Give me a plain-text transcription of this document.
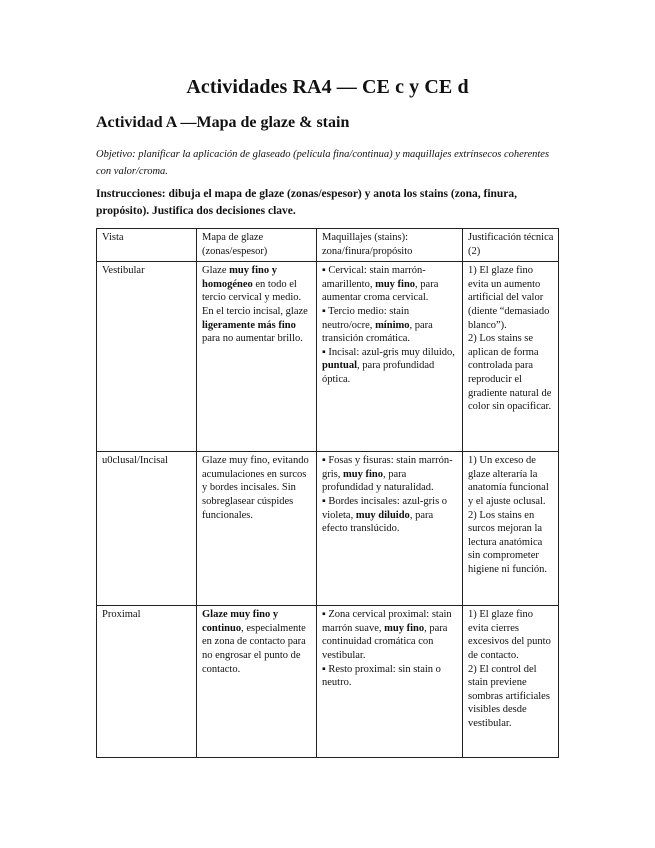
Actividades RA4 — CE c y CE d
Actividad A —Mapa de glaze & stain
Objetivo: planificar la aplicación de glaseado (película fina/continua) y maquillajes extrínsecos coherentes con valor/croma.
Instrucciones: dibuja el mapa de glaze (zonas/espesor) y anota los stains (zona, finura, propósito). Justifica dos decisiones clave.
Vista	Mapa de glaze (zonas/espesor)	Maquillajes (stains): zona/finura/propósito	Justificación técnica (2)
Vestibular	Glaze muy fino y homogéneo en todo el tercio cervical y medio. En el tercio incisal, glaze ligeramente más fino para no aumentar brillo.	▪ Cervical: stain marrón-amarillento, muy fino, para aumentar croma cervical.
▪ Tercio medio: stain neutro/ocre, mínimo, para transición cromática.
▪ Incisal: azul-gris muy diluido, puntual, para profundidad óptica.	1) El glaze fino evita un aumento artificial del valor (diente “demasiado blanco”).
2) Los stains se aplican de forma controlada para reproducir el gradiente natural de color sin opacificar.

u0clusal/Incisal	Glaze muy fino, evitando acumulaciones en surcos y bordes incisales. Sin sobreglasear cúspides funcionales.	▪ Fosas y fisuras: stain marrón-gris, muy fino, para profundidad y naturalidad.
▪ Bordes incisales: azul-gris o violeta, muy diluido, para efecto translúcido.	1) Un exceso de glaze alteraría la anatomía funcional y el ajuste oclusal.
2) Los stains en surcos mejoran la lectura anatómica sin comprometer higiene ni función.

Proximal	Glaze muy fino y continuo, especialmente en zona de contacto para no engrosar el punto de contacto.	▪ Zona cervical proximal: stain marrón suave, muy fino, para continuidad cromática con vestibular.
▪ Resto proximal: sin stain o neutro.	1) El glaze fino evita cierres excesivos del punto de contacto.
2) El control del stain previene sombras artificiales visibles desde vestibular.
